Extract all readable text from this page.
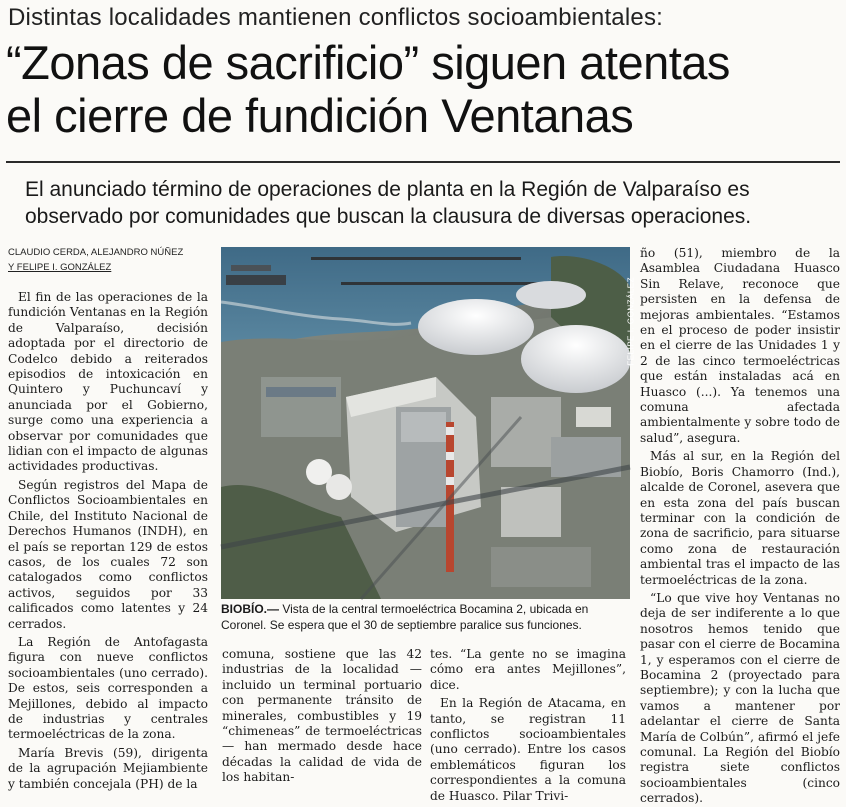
Distintas localidades mantienen conflictos socioambientales:
“Zonas de sacrificio” siguen atentas
el cierre de fundición Ventanas
El anunciado término de operaciones de planta en la Región de Valparaíso es observado por comunidades que buscan la clausura de diversas operaciones.
CLAUDIO CERDA, ALEJANDRO NÚÑEZ
Y FELIPE I. GONZÁLEZ

El fin de las operaciones de la fundición Ventanas en la Región de Valparaíso, decisión adoptada por el directorio de Codelco debido a reiterados episodios de intoxicación en Quintero y Puchuncaví y anunciada por el Gobierno, surge como una experiencia a observar por comunidades que lidian con el impacto de algunas actividades productivas.

Según registros del Mapa de Conflictos Socioambientales en Chile, del Instituto Nacional de Derechos Humanos (INDH), en el país se reportan 129 de estos casos, de los cuales 72 son catalogados como conflictos activos, seguidos por 33 calificados como latentes y 24 cerrados.

La Región de Antofagasta figura con nueve conflictos socioambientales (uno cerrado). De estos, seis corresponden a Mejillones, debido al impacto de industrias y centrales termoeléctricas de la zona.

María Brevis (59), dirigenta de la agrupación Mejiambiente y también concejala (PH) de la

FELIPE I. GONZÁLEZ
BIOBÍO.— Vista de la central termoeléctrica Bocamina 2, ubicada en Coronel. Se espera que el 30 de septiembre paralice sus funciones.

comuna, sostiene que las 42 industrias de la localidad —incluido un terminal portuario con permanente tránsito de minerales, combustibles y 19 “chimeneas” de termoeléctricas— han mermado desde hace décadas la calidad de vida de los habitan-

tes. “La gente no se imagina cómo era antes Mejillones”, dice.

En la Región de Atacama, en tanto, se registran 11 conflictos socioambientales (uno cerrado). Entre los casos emblemáticos figuran los correspondientes a la comuna de Huasco. Pilar Trivi-

ño (51), miembro de la Asamblea Ciudadana Huasco Sin Relave, reconoce que persisten en la defensa de mejoras ambientales. “Estamos en el proceso de poder insistir en el cierre de las Unidades 1 y 2 de las cinco termoeléctricas que están instaladas acá en Huasco (...). Ya tenemos una comuna afectada ambientalmente y sobre todo de salud”, asegura.

Más al sur, en la Región del Biobío, Boris Chamorro (Ind.), alcalde de Coronel, asevera que en esta zona del país buscan terminar con la condición de zona de sacrificio, para situarse como zona de restauración ambiental tras el impacto de las termoeléctricas de la zona.

“Lo que vive hoy Ventanas no deja de ser indiferente a lo que nosotros hemos tenido que pasar con el cierre de Bocamina 1, y esperamos con el cierre de Bocamina 2 (proyectado para septiembre); y con la lucha que vamos a mantener por adelantar el cierre de Santa María de Colbún”, afirmó el jefe comunal. La Región del Biobío registra siete conflictos socioambientales (cinco cerrados).
